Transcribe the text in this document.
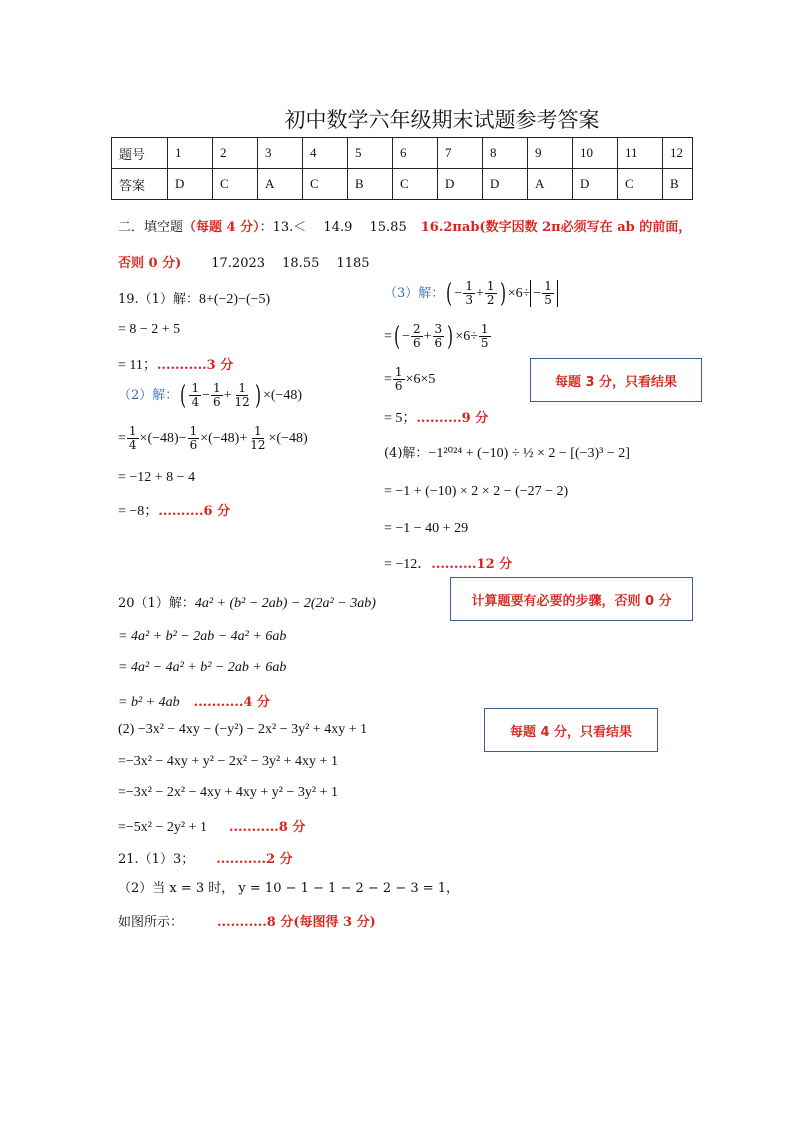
初中数学六年级期末试题参考答案
题号	1	2	3	4	5	6	7	8	9	10	11	12
答案	D	C	A	C	B	C	D	D	A	D	C	B
二．填空题（每题 4 分）：13.＜　 14.9　 15.85 16.2πab(数字因数 2π必须写在 ab 的前面，
否则 0 分) 17.2023　 18.55　 1185
19.（1）解：8+(−2)−(−5)
= 8 − 2 + 5
= 11；...........3 分
（2）解：( $\frac{1}{4} - \frac{1}{6} + \frac{1}{12}$ ) ×(−48)
= $\frac{1}{4} \times(-48)- \frac{1}{6} \times(-48)+ \frac{1}{12} \times(-48)$
= −12 + 8 − 4
= −8；..........6 分
（3）解：( − $\frac{1}{3} + \frac{1}{2}$ ) $\times 6\div - \frac{1}{5}$
=( − $\frac{2}{6} + \frac{3}{6}$ ) $\times 6\div \frac{1}{5}$
= $\frac{1}{6} \times 6\times 5$
= 5；..........9 分
(4)解：−1²⁰²⁴ + (−10) ÷ ½ × 2 − [(−3)³ − 2]
= −1 + (−10) × 2 × 2 − (−27 − 2)
= −1 − 40 + 29
= −12．..........12 分
每题 3 分，只看结果
计算题要有必要的步骤，否则 0 分
每题 4 分，只看结果
20（1）解：4a² + (b² − 2ab) − 2(2a² − 3ab)
= 4a² + b² − 2ab − 4a² + 6ab
= 4a² − 4a² + b² − 2ab + 6ab
= b² + 4ab ...........4 分
(2) −3x² − 4xy − (−y²) − 2x² − 3y² + 4xy + 1
=−3x² − 4xy + y² − 2x² − 3y² + 4xy + 1
=−3x² − 2x² − 4xy + 4xy + y² − 3y² + 1
=−5x² − 2y² + 1 ...........8 分
21.（1）3； ...........2 分
（2）当 x = 3 时， y = 10 − 1 − 1 − 2 − 2 − 3 = 1，
如图所示：	...........8 分(每图得 3 分)
